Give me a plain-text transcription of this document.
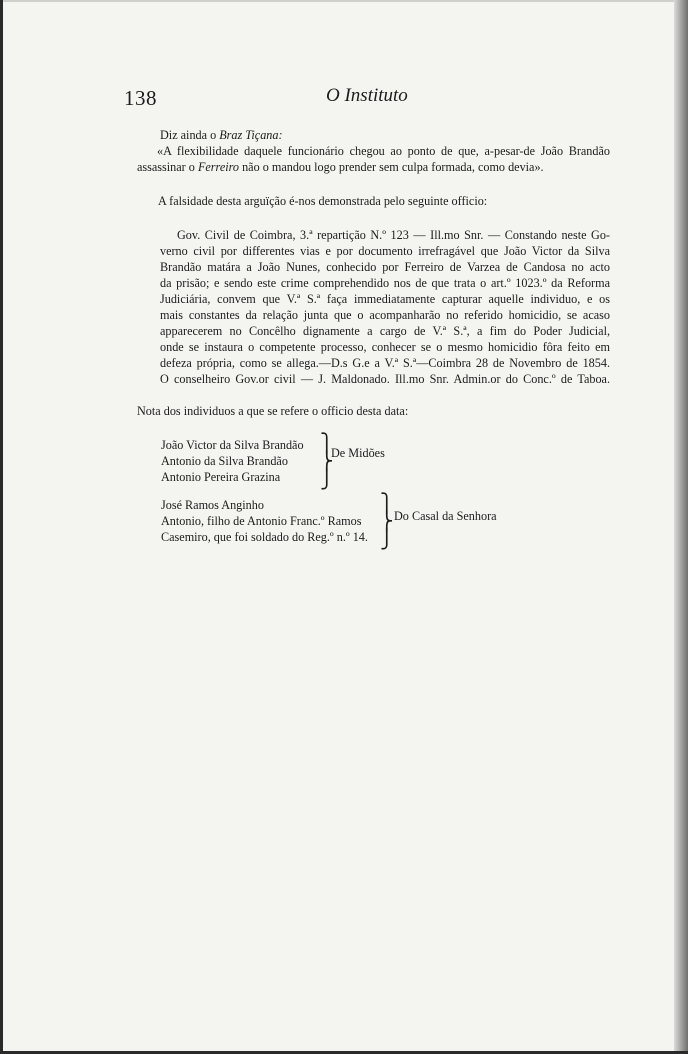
138	O Instituto
Diz ainda o Braz Tiçana:
«A flexibilidade daquele funcionário chegou ao ponto de que, a-pesar-de João Brandão
assassinar o Ferreiro não o mandou logo prender sem culpa formada, como devia».
A falsidade desta arguïção é-nos demonstrada pelo seguinte officio:
Gov. Civil de Coimbra, 3.ª repartição N.º 123 — Ill.mo Snr. — Constando neste Go-
verno civil por differentes vias e por documento irrefragável que João Victor da Silva
Brandão matára a João Nunes, conhecido por Ferreiro de Varzea de Candosa no acto
da prisão; e sendo este crime comprehendido nos de que trata o art.º 1023.º da Reforma
Judiciária, convem que V.ª S.ª faça immediatamente capturar aquelle individuo, e os
mais constantes da relação junta que o acompanharão no referido homicidio, se acaso
apparecerem no Concêlho dignamente a cargo de V.ª S.ª, a fim do Poder Judicial,
onde se instaura o competente processo, conhecer se o mesmo homicidio fôra feito em
defeza própria, como se allega.—D.s G.e a V.ª S.ª—Coimbra 28 de Novembro de 1854.
O conselheiro Gov.or civil — J. Maldonado. Ill.mo Snr. Admin.or do Conc.º de Taboa.
Nota dos individuos a que se refere o officio desta data:
João Victor da Silva Brandão
Antonio da Silva Brandão
Antonio Pereira Grazina
⎫
⎬
⎭
De Midões
José Ramos Anginho
Antonio, filho de Antonio Franc.º Ramos
Casemiro, que foi soldado do Reg.º n.º 14.
⎫
⎬
⎭
Do Casal da Senhora
